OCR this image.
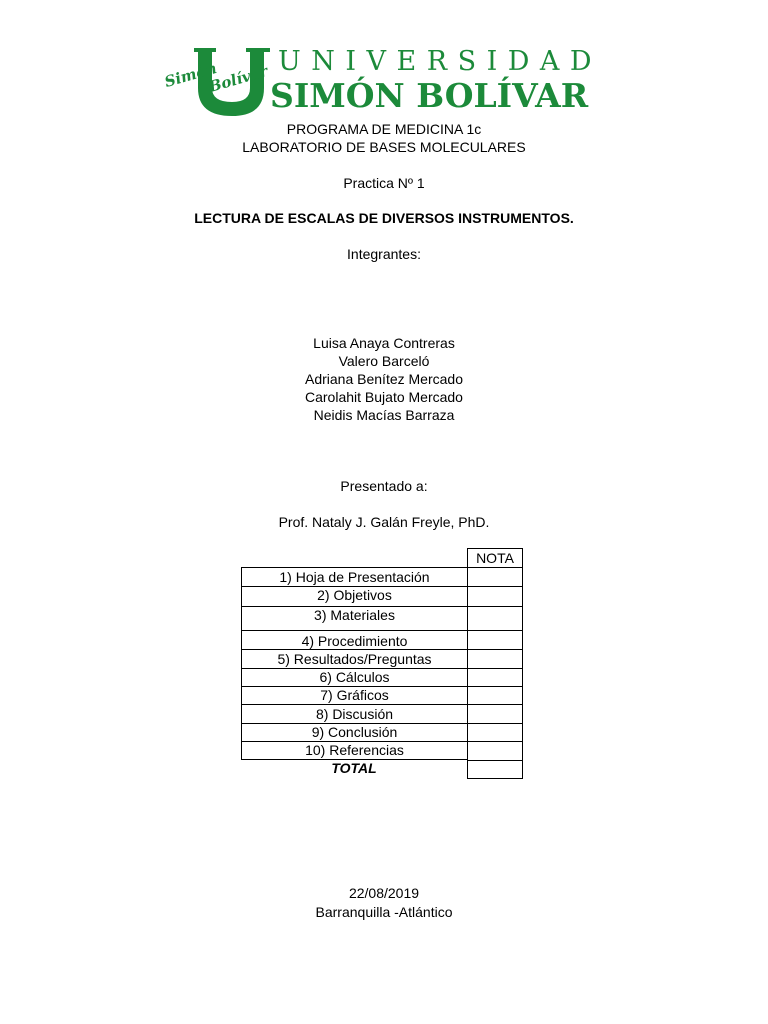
Simón
Bolívar
UNIVERSIDAD
SIMÓN BOLÍVAR
PROGRAMA DE MEDICINA 1c
LABORATORIO DE BASES MOLECULARES
Practica Nº 1
LECTURA DE ESCALAS DE DIVERSOS INSTRUMENTOS.
Integrantes:
Luisa Anaya Contreras
Valero Barceló
Adriana Benítez Mercado
Carolahit Bujato Mercado
Neidis Macías Barraza
Presentado a:
Prof. Nataly J. Galán Freyle, PhD.
NOTA
1) Hoja de Presentación
2) Objetivos
3) Materiales
4) Procedimiento
5) Resultados/Preguntas
6) Cálculos
7) Gráficos
8) Discusión
9) Conclusión
10) Referencias
TOTAL
22/08/2019
Barranquilla -Atlántico
